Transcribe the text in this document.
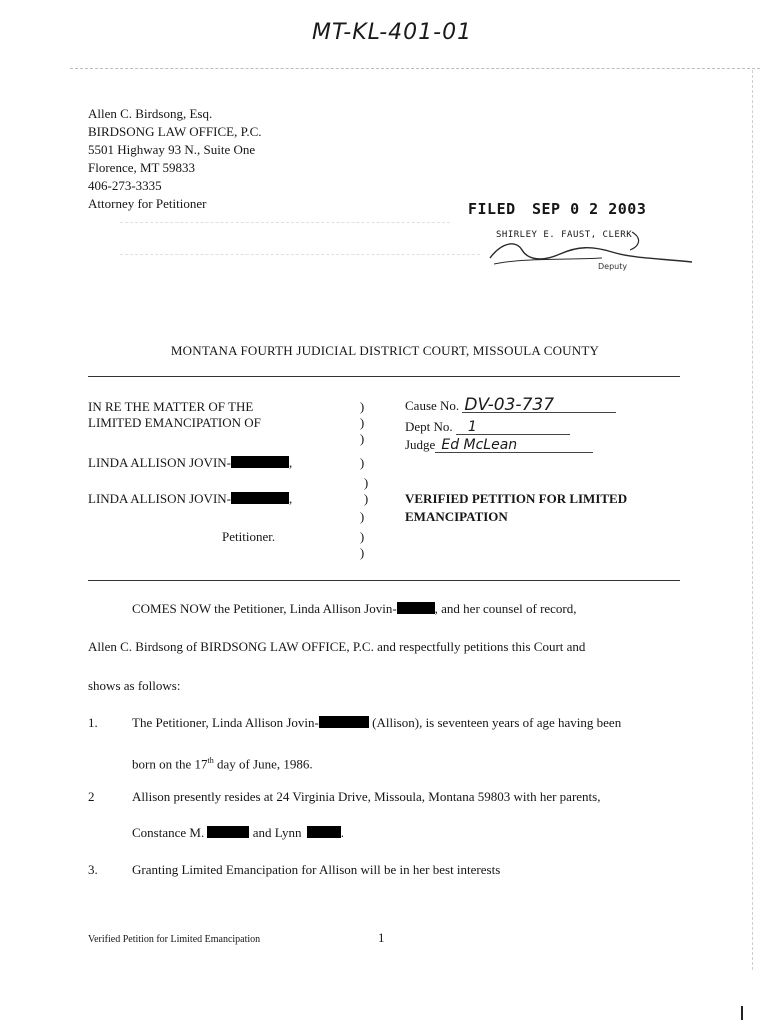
MT-KL-401-01
Allen C. Birdsong, Esq.
BIRDSONG LAW OFFICE, P.C.
5501 Highway 93 N., Suite One
Florence, MT 59833
406-273-3335
Attorney for Petitioner	FILED SEP 0 2 2003
SHIRLEY E. FAUST, CLERK
Deputy
MONTANA FOURTH JUDICIAL DISTRICT COURT, MISSOULA COUNTY
IN RE THE MATTER OF THE
LIMITED EMANCIPATION OF
LINDA ALLISON JOVIN-	,
LINDA ALLISON JOVIN-	,
Petitioner.
)
)
)
)
)
)
)
)
)
Cause No. DV-03-737
Dept No. 1
Judge Ed McLean
VERIFIED PETITION FOR LIMITED
EMANCIPATION
COMES NOW the Petitioner, Linda Allison Jovin-	, and her counsel of record,
Allen C. Birdsong of BIRDSONG LAW OFFICE, P.C. and respectfully petitions this Court and
shows as follows:
1.	The Petitioner, Linda Allison Jovin-	(Allison), is seventeen years of age having been
born on the 17th day of June, 1986.
2	Allison presently resides at 24 Virginia Drive, Missoula, Montana 59803 with her parents,
Constance M.	and Lynn	.
3.	Granting Limited Emancipation for Allison will be in her best interests
Verified Petition for Limited Emancipation	1
